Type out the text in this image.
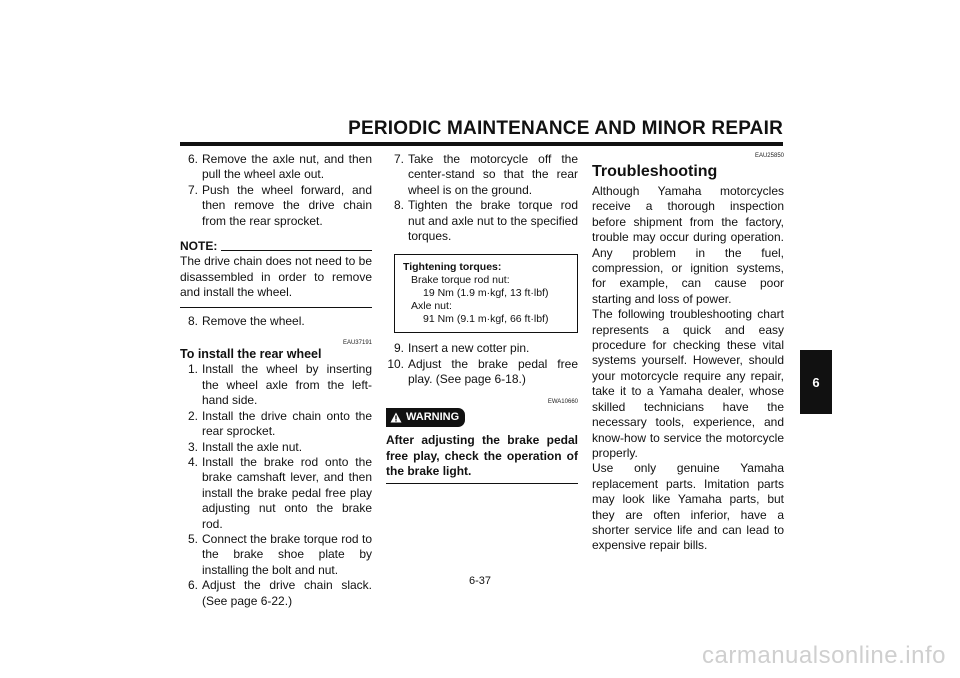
PERIODIC MAINTENANCE AND MINOR REPAIR
6. Remove the axle nut, and then pull the wheel axle out.
7. Push the wheel forward, and then remove the drive chain from the rear sprocket.
NOTE:
The drive chain does not need to be disassembled in order to remove and install the wheel.
8. Remove the wheel.
EAU37191
To install the rear wheel
1. Install the wheel by inserting the wheel axle from the left-hand side.
2. Install the drive chain onto the rear sprocket.
3. Install the axle nut.
4. Install the brake rod onto the brake camshaft lever, and then install the brake pedal free play adjusting nut onto the brake rod.
5. Connect the brake torque rod to the brake shoe plate by installing the bolt and nut.
6. Adjust the drive chain slack. (See page 6-22.)
7. Take the motorcycle off the center-stand so that the rear wheel is on the ground.
8. Tighten the brake torque rod nut and axle nut to the specified torques.
Tightening torques:
Brake torque rod nut:
19 Nm (1.9 m·kgf, 13 ft·lbf)
Axle nut:
91 Nm (9.1 m·kgf, 66 ft·lbf)
9. Insert a new cotter pin.
10. Adjust the brake pedal free play. (See page 6-18.)
EWA10660
WARNING
After adjusting the brake pedal free play, check the operation of the brake light.
EAU25850
Troubleshooting
Although Yamaha motorcycles receive a thorough inspection before shipment from the factory, trouble may occur during operation. Any problem in the fuel, compression, or ignition systems, for example, can cause poor starting and loss of power.
The following troubleshooting chart represents a quick and easy procedure for checking these vital systems yourself. However, should your motorcycle require any repair, take it to a Yamaha dealer, whose skilled technicians have the necessary tools, experience, and know-how to service the motorcycle properly.
Use only genuine Yamaha replacement parts. Imitation parts may look like Yamaha parts, but they are often inferior, have a shorter service life and can lead to expensive repair bills.
6
6-37
carmanualsonline.info
